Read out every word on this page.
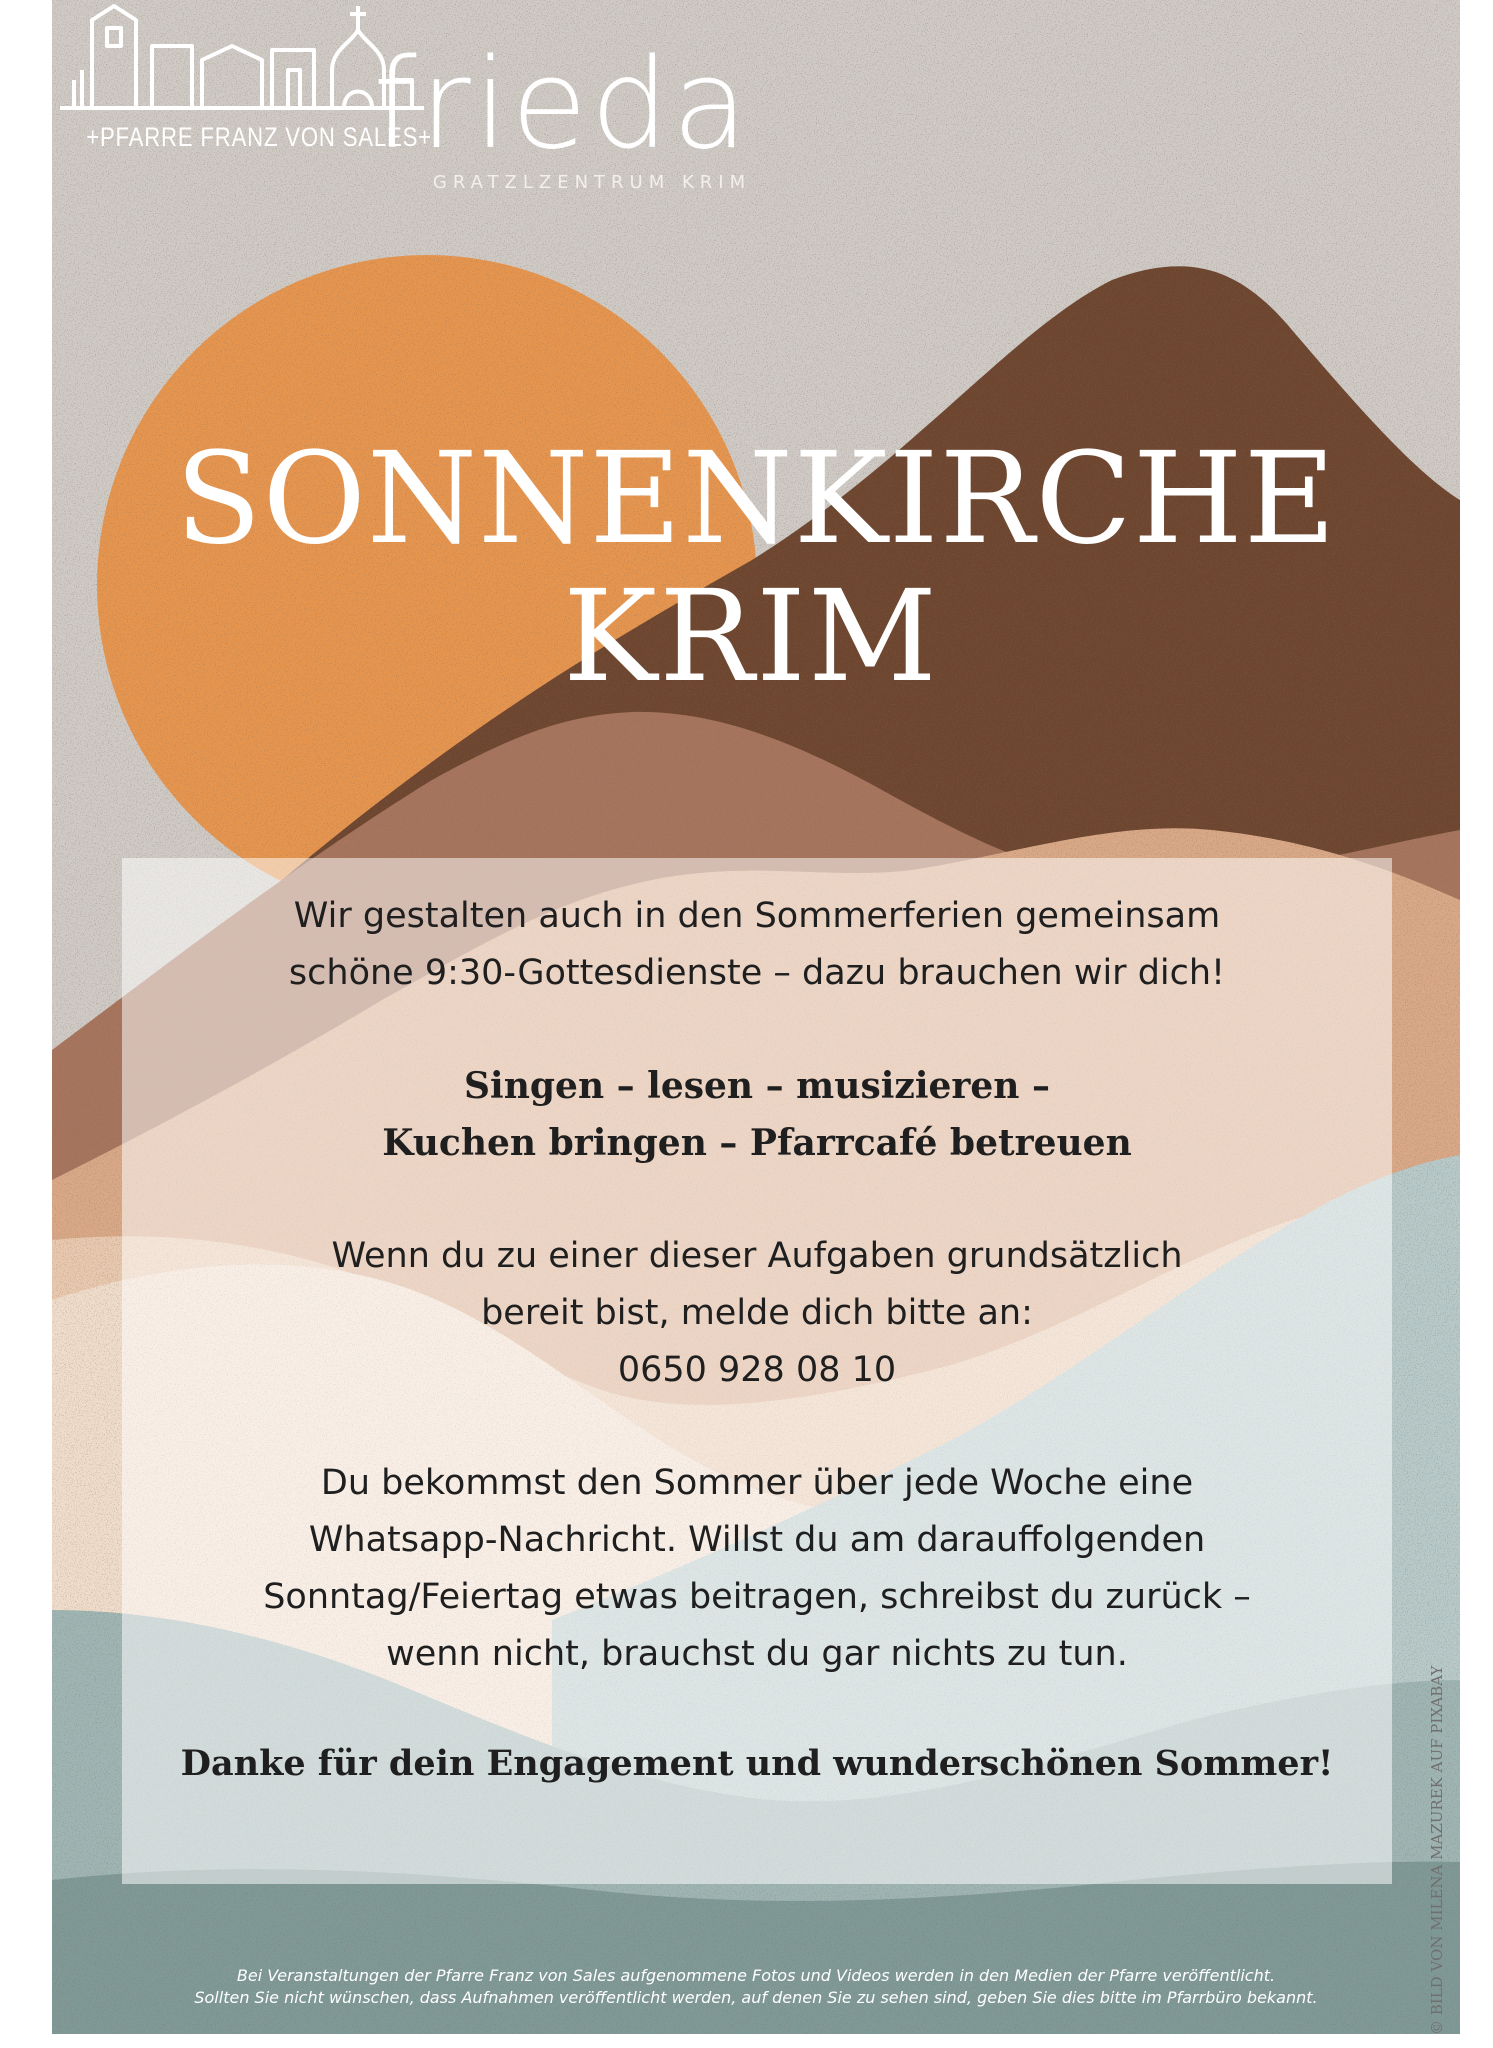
frieda
GRATZLZENTRUM KRIM
+PFARRE FRANZ VON SALES+
SONNENKIRCHE
KRIM

Wir gestalten auch in den Sommerferien gemeinsam

schöne 9:30-Gottesdienste – dazu brauchen wir dich!

Singen – lesen – musizieren –

Kuchen bringen – Pfarrcafé betreuen

Wenn du zu einer dieser Aufgaben grundsätzlich

bereit bist, melde dich bitte an:

0650 928 08 10

Du bekommst den Sommer über jede Woche eine

Whatsapp-Nachricht. Willst du am darauffolgenden

Sonntag/Feiertag etwas beitragen, schreibst du zurück –

wenn nicht, brauchst du gar nichts zu tun.

Danke für dein Engagement und wunderschönen Sommer!

Bei Veranstaltungen der Pfarre Franz von Sales aufgenommene Fotos und Videos werden in den Medien der Pfarre veröffentlicht.
Sollten Sie nicht wünschen, dass Aufnahmen veröffentlicht werden, auf denen Sie zu sehen sind, geben Sie dies bitte im Pfarrbüro bekannt.	© BILD VON MILENA MAZUREK AUF PIXABAY
